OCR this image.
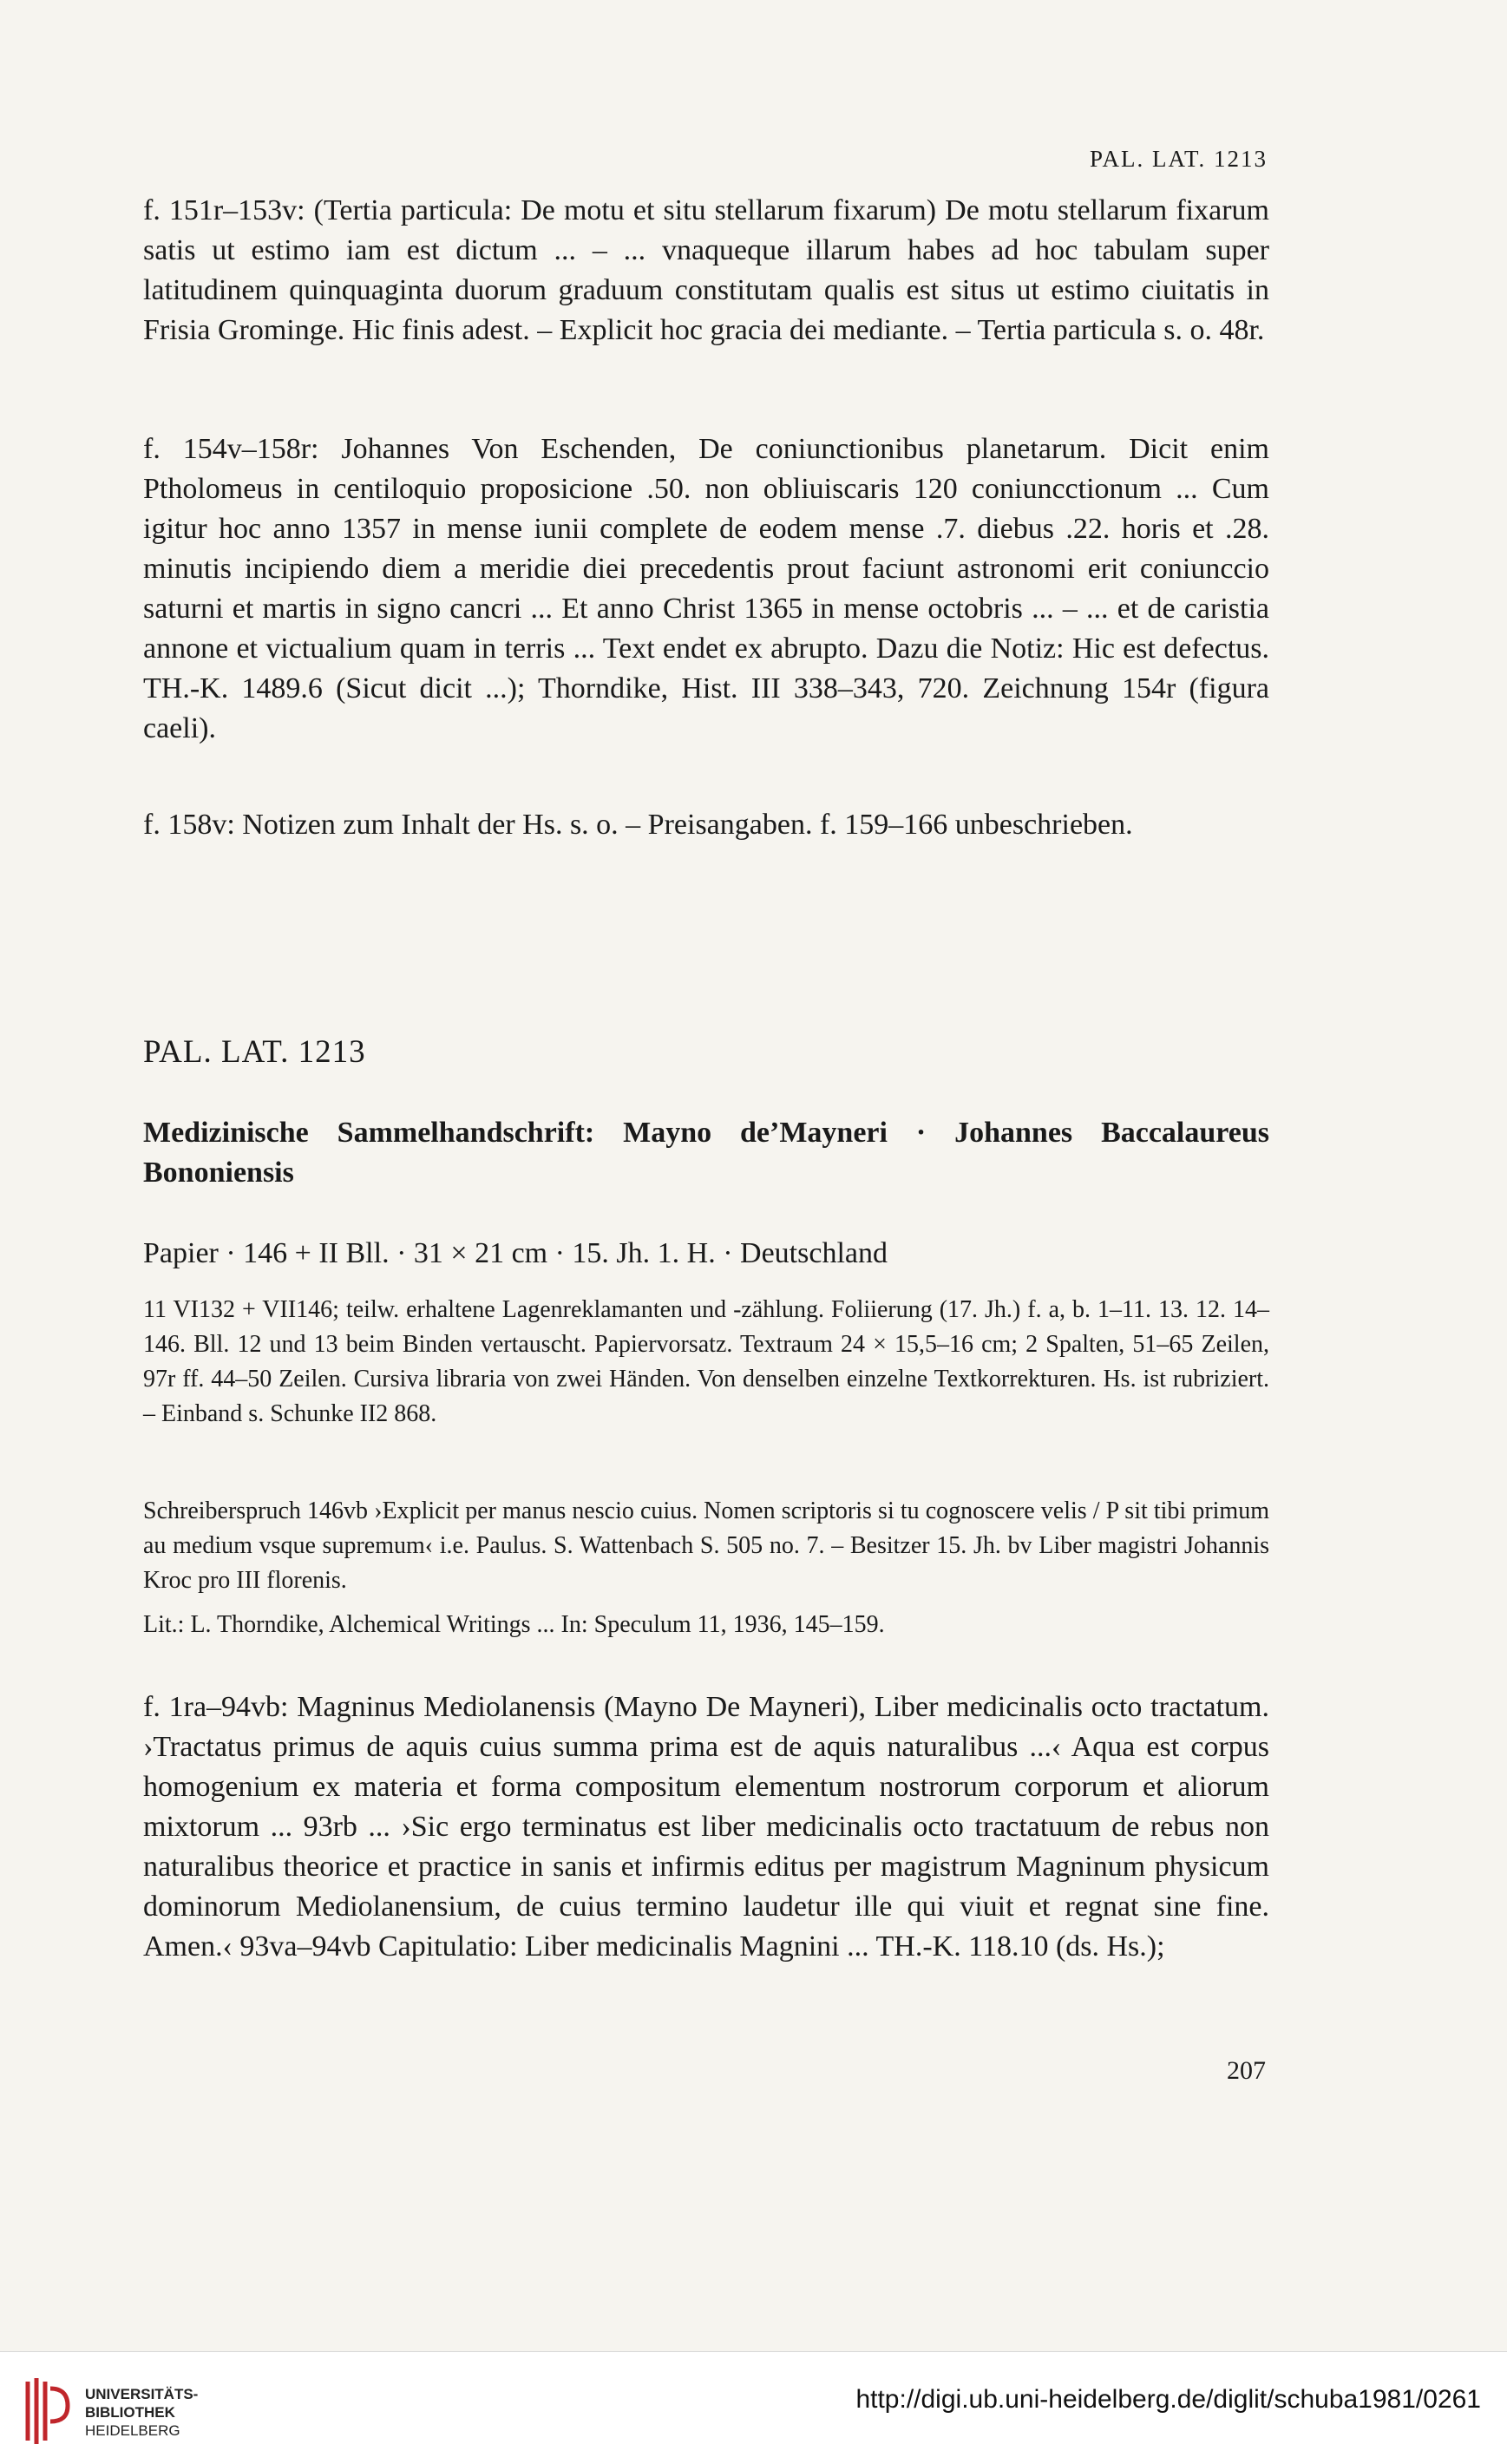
PAL. LAT. 1213
f. 151r–153v: (Tertia particula: De motu et situ stellarum fixarum) De motu stellarum fixarum satis ut estimo iam est dictum ... – ... vnaqueque illarum habes ad hoc tabulam super latitudinem quinquaginta duorum graduum constitutam qualis est situs ut estimo ciuitatis in Frisia Grominge. Hic finis adest. – Explicit hoc gracia dei mediante. – Tertia particula s. o. 48r.
f. 154v–158r: Johannes Von Eschenden, De coniunctionibus planetarum. Dicit enim Ptholomeus in centiloquio proposicione .50. non obliuiscaris 120 coniuncctionum ... Cum igitur hoc anno 1357 in mense iunii complete de eodem mense .7. diebus .22. horis et .28. minutis incipiendo diem a meridie diei precedentis prout faciunt astronomi erit coniunccio saturni et martis in signo cancri ... Et anno Christ 1365 in mense octobris ... – ... et de caristia annone et victualium quam in terris ... Text endet ex abrupto. Dazu die Notiz: Hic est defectus. TH.-K. 1489.6 (Sicut dicit ...); Thorndike, Hist. III 338–343, 720. Zeichnung 154r (figura caeli).
f. 158v: Notizen zum Inhalt der Hs. s. o. – Preisangaben. f. 159–166 unbeschrieben.
PAL. LAT. 1213
Medizinische Sammelhandschrift: Mayno de’Mayneri · Johannes Baccalaureus Bononiensis
Papier · 146 + II Bll. · 31 × 21 cm · 15. Jh. 1. H. · Deutschland
11 VI132 + VII146; teilw. erhaltene Lagenreklamanten und -zählung. Foliierung (17. Jh.) f. a, b. 1–11. 13. 12. 14–146. Bll. 12 und 13 beim Binden vertauscht. Papiervorsatz. Textraum 24 × 15,5–16 cm; 2 Spalten, 51–65 Zeilen, 97r ff. 44–50 Zeilen. Cursiva libraria von zwei Händen. Von denselben einzelne Textkorrekturen. Hs. ist rubriziert. – Einband s. Schunke II2 868.
Schreiberspruch 146vb ›Explicit per manus nescio cuius. Nomen scriptoris si tu cognoscere velis / P sit tibi primum au medium vsque supremum‹ i.e. Paulus. S. Wattenbach S. 505 no. 7. – Besitzer 15. Jh. bv Liber magistri Johannis Kroc pro III florenis.
Lit.: L. Thorndike, Alchemical Writings ... In: Speculum 11, 1936, 145–159.
f. 1ra–94vb: Magninus Mediolanensis (Mayno De Mayneri), Liber medicinalis octo tractatum. ›Tractatus primus de aquis cuius summa prima est de aquis naturalibus ...‹ Aqua est corpus homogenium ex materia et forma compositum elementum nostrorum corporum et aliorum mixtorum ... 93rb ... ›Sic ergo terminatus est liber medicinalis octo tractatuum de rebus non naturalibus theorice et practice in sanis et infirmis editus per magistrum Magninum physicum dominorum Mediolanensium, de cuius termino laudetur ille qui viuit et regnat sine fine. Amen.‹ 93va–94vb Capitulatio: Liber medicinalis Magnini ... TH.-K. 118.10 (ds. Hs.);
207
UNIVERSITÄTS-
BIBLIOTHEK
HEIDELBERG
http://digi.ub.uni-heidelberg.de/diglit/schuba1981/0261
